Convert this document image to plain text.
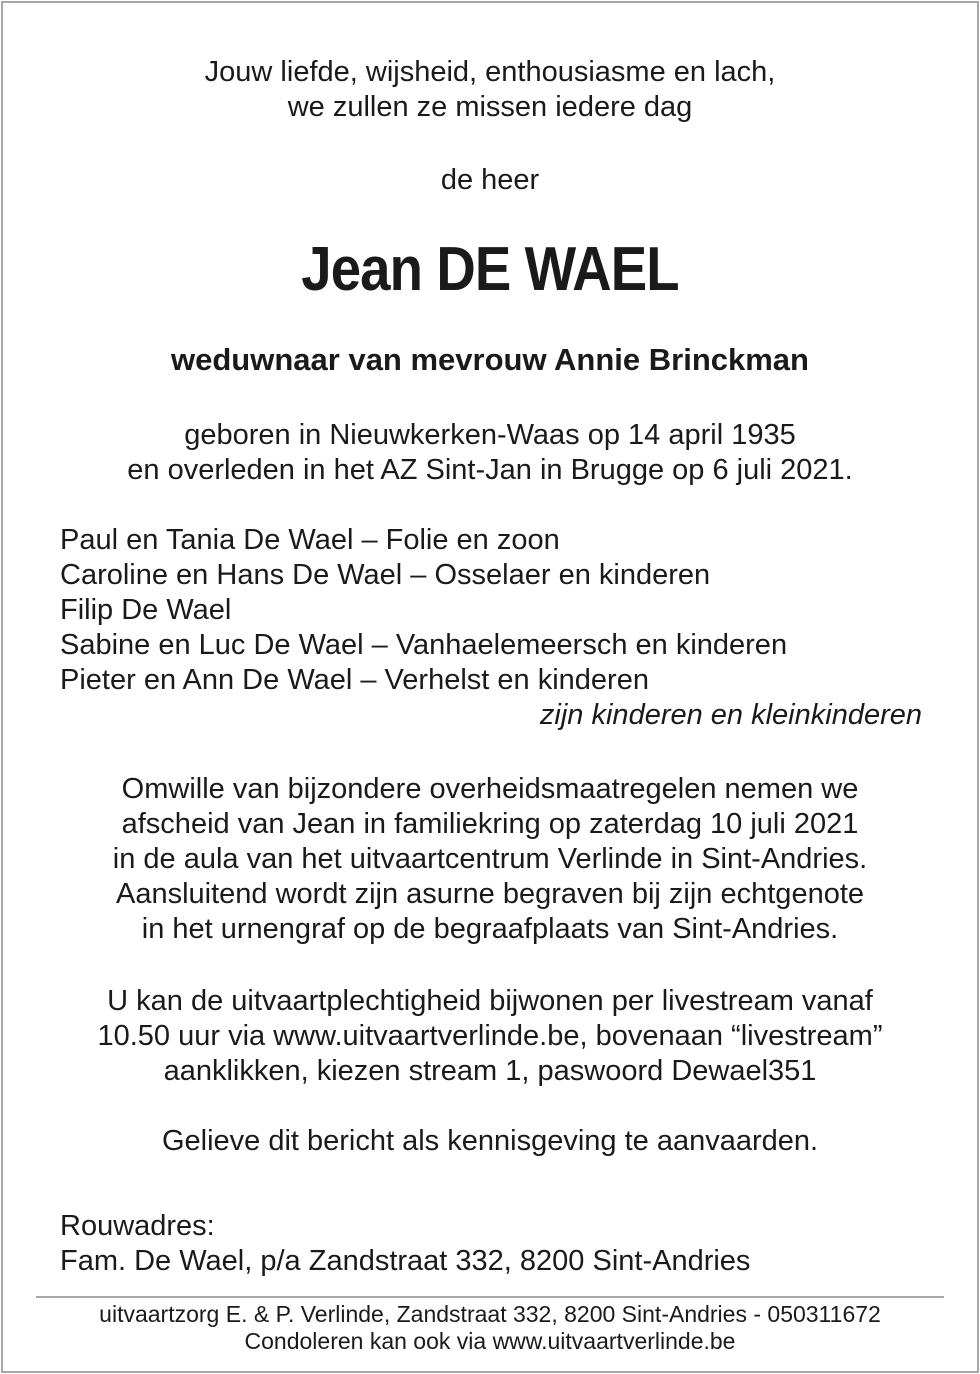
Jouw liefde, wijsheid, enthousiasme en lach,
we zullen ze missen iedere dag
de heer
Jean DE WAEL
weduwnaar van mevrouw Annie Brinckman
geboren in Nieuwkerken-Waas op 14 april 1935
en overleden in het AZ Sint-Jan in Brugge op 6 juli 2021.
Paul en Tania De Wael – Folie en zoon
Caroline en Hans De Wael – Osselaer en kinderen
Filip De Wael
Sabine en Luc De Wael – Vanhaelemeersch en kinderen
Pieter en Ann De Wael – Verhelst en kinderen
zijn kinderen en kleinkinderen
Omwille van bijzondere overheidsmaatregelen nemen we
afscheid van Jean in familiekring op zaterdag 10 juli 2021
in de aula van het uitvaartcentrum Verlinde in Sint-Andries.
Aansluitend wordt zijn asurne begraven bij zijn echtgenote
in het urnengraf op de begraafplaats van Sint-Andries.
U kan de uitvaartplechtigheid bijwonen per livestream vanaf
10.50 uur via www.uitvaartverlinde.be, bovenaan “livestream”
aanklikken, kiezen stream 1, paswoord Dewael351
Gelieve dit bericht als kennisgeving te aanvaarden.
Rouwadres:
Fam. De Wael, p/a Zandstraat 332, 8200 Sint-Andries
uitvaartzorg E. & P. Verlinde, Zandstraat 332, 8200 Sint-Andries - 050311672
Condoleren kan ook via www.uitvaartverlinde.be
